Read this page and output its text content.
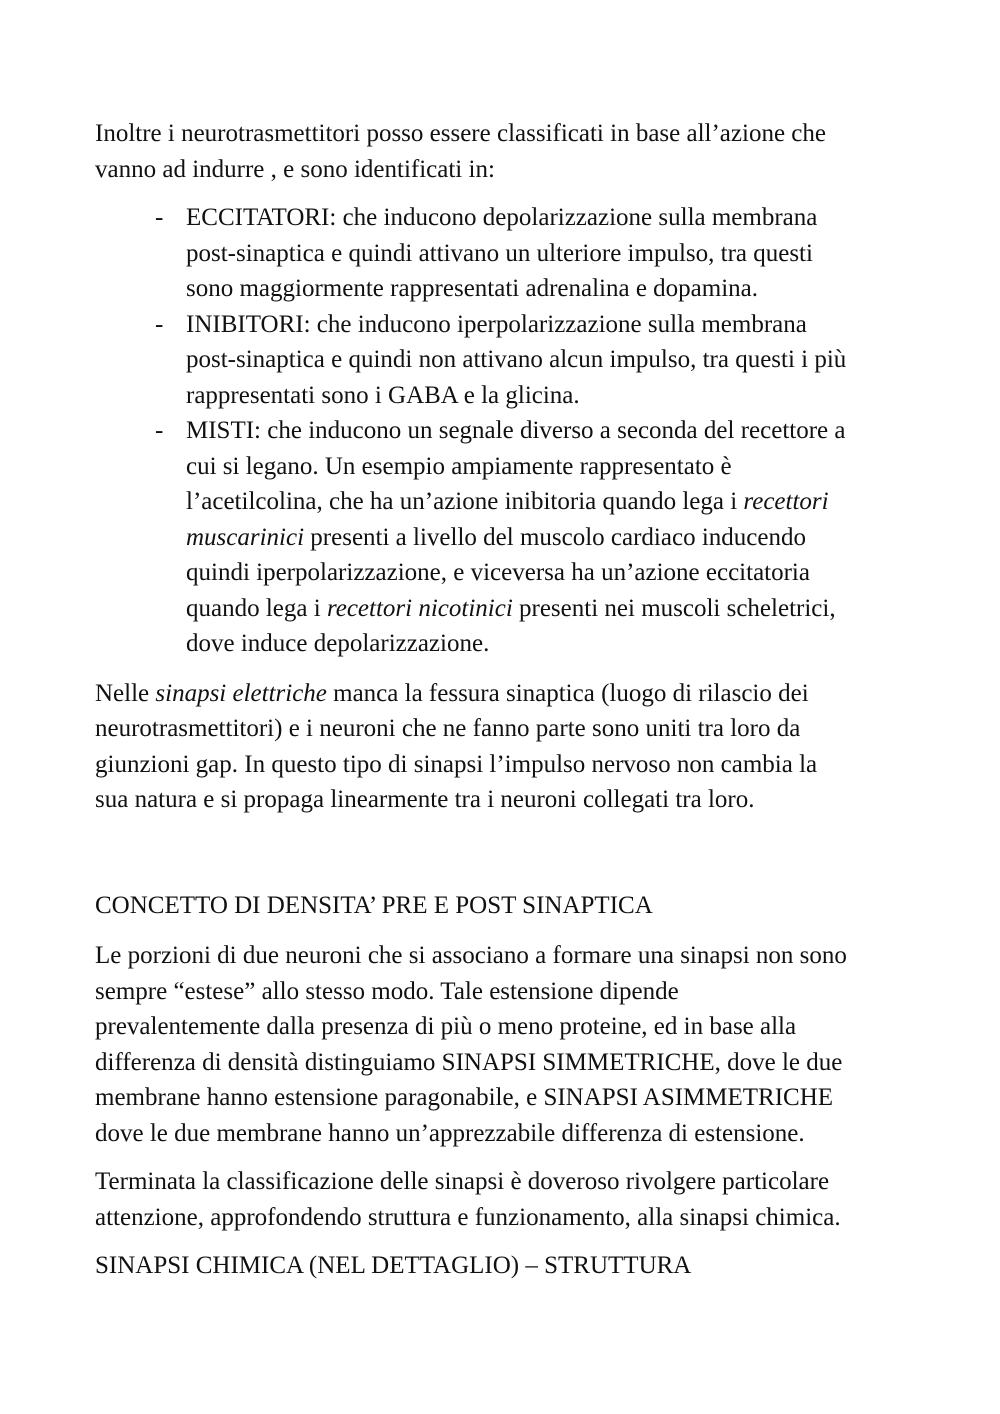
Inoltre i neurotrasmettitori posso essere classificati in base all’azione che
vanno ad indurre , e sono identificati in:

- ECCITATORI: che inducono depolarizzazione sulla membrana
post-sinaptica e quindi attivano un ulteriore impulso, tra questi
sono maggiormente rappresentati adrenalina e dopamina.
- INIBITORI: che inducono iperpolarizzazione sulla membrana
post-sinaptica e quindi non attivano alcun impulso, tra questi i più
rappresentati sono i GABA e la glicina.
- MISTI: che inducono un segnale diverso a seconda del recettore a
cui si legano. Un esempio ampiamente rappresentato è
l’acetilcolina, che ha un’azione inibitoria quando lega i recettori
muscarinici presenti a livello del muscolo cardiaco inducendo
quindi iperpolarizzazione, e viceversa ha un’azione eccitatoria
quando lega i recettori nicotinici presenti nei muscoli scheletrici,
dove induce depolarizzazione.

Nelle sinapsi elettriche manca la fessura sinaptica (luogo di rilascio dei
neurotrasmettitori) e i neuroni che ne fanno parte sono uniti tra loro da
giunzioni gap. In questo tipo di sinapsi l’impulso nervoso non cambia la
sua natura e si propaga linearmente tra i neuroni collegati tra loro.

CONCETTO DI DENSITA’ PRE E POST SINAPTICA

Le porzioni di due neuroni che si associano a formare una sinapsi non sono
sempre “estese” allo stesso modo. Tale estensione dipende
prevalentemente dalla presenza di più o meno proteine, ed in base alla
differenza di densità distinguiamo SINAPSI SIMMETRICHE, dove le due
membrane hanno estensione paragonabile, e SINAPSI ASIMMETRICHE
dove le due membrane hanno un’apprezzabile differenza di estensione.

Terminata la classificazione delle sinapsi è doveroso rivolgere particolare
attenzione, approfondendo struttura e funzionamento, alla sinapsi chimica.

SINAPSI CHIMICA (NEL DETTAGLIO) – STRUTTURA
